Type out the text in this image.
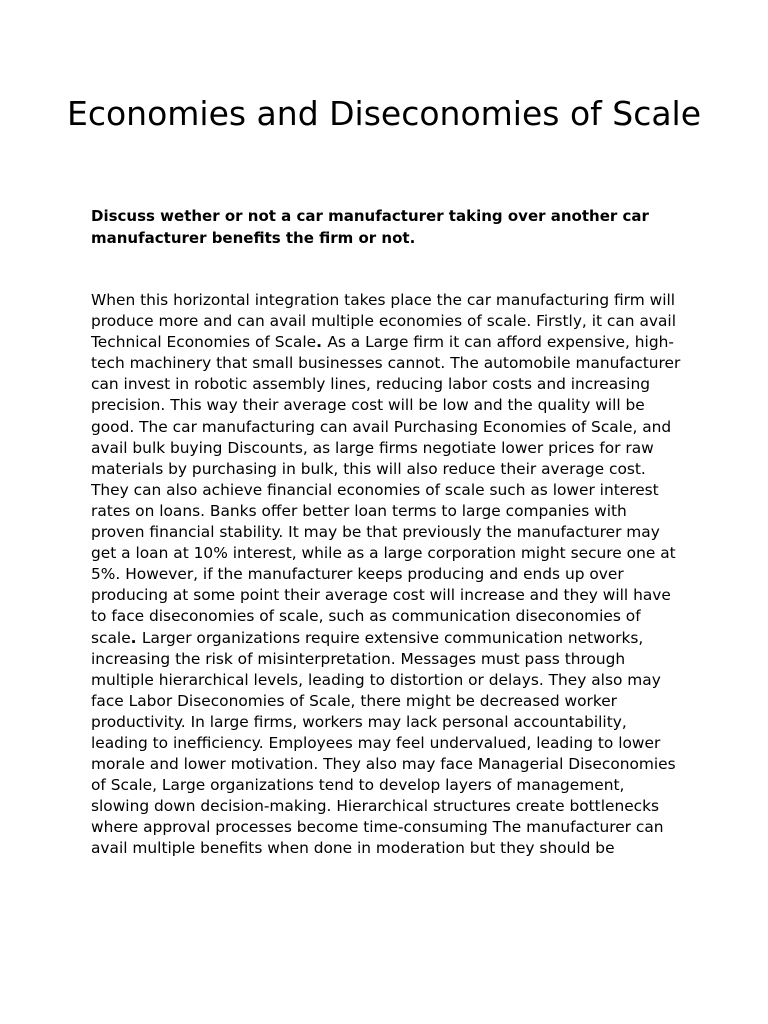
Economies and Diseconomies of Scale

Discuss wether or not a car manufacturer taking over another car manufacturer benefits the firm or not.

When this horizontal integration takes place the car manufacturing firm will produce more and can avail multiple economies of scale. Firstly, it can avail Technical Economies of Scale. As a Large firm it can afford expensive, high-tech machinery that small businesses cannot. The automobile manufacturer can invest in robotic assembly lines, reducing labor costs and increasing precision. This way their average cost will be low and the quality will be good. The car manufacturing can avail Purchasing Economies of Scale, and avail bulk buying Discounts, as large firms negotiate lower prices for raw materials by purchasing in bulk, this will also reduce their average cost. They can also achieve financial economies of scale such as lower interest rates on loans. Banks offer better loan terms to large companies with proven financial stability. It may be that previously the manufacturer may get a loan at 10% interest, while as a large corporation might secure one at 5%. However, if the manufacturer keeps producing and ends up over producing at some point their average cost will increase and they will have to face diseconomies of scale, such as communication diseconomies of scale. Larger organizations require extensive communication networks, increasing the risk of misinterpretation. Messages must pass through multiple hierarchical levels, leading to distortion or delays. They also may face Labor Diseconomies of Scale, there might be decreased worker productivity. In large firms, workers may lack personal accountability, leading to inefficiency. Employees may feel undervalued, leading to lower morale and lower motivation. They also may face Managerial Diseconomies of Scale, Large organizations tend to develop layers of management, slowing down decision-making. Hierarchical structures create bottlenecks where approval processes become time-consuming The manufacturer can avail multiple benefits when done in moderation but they should be
